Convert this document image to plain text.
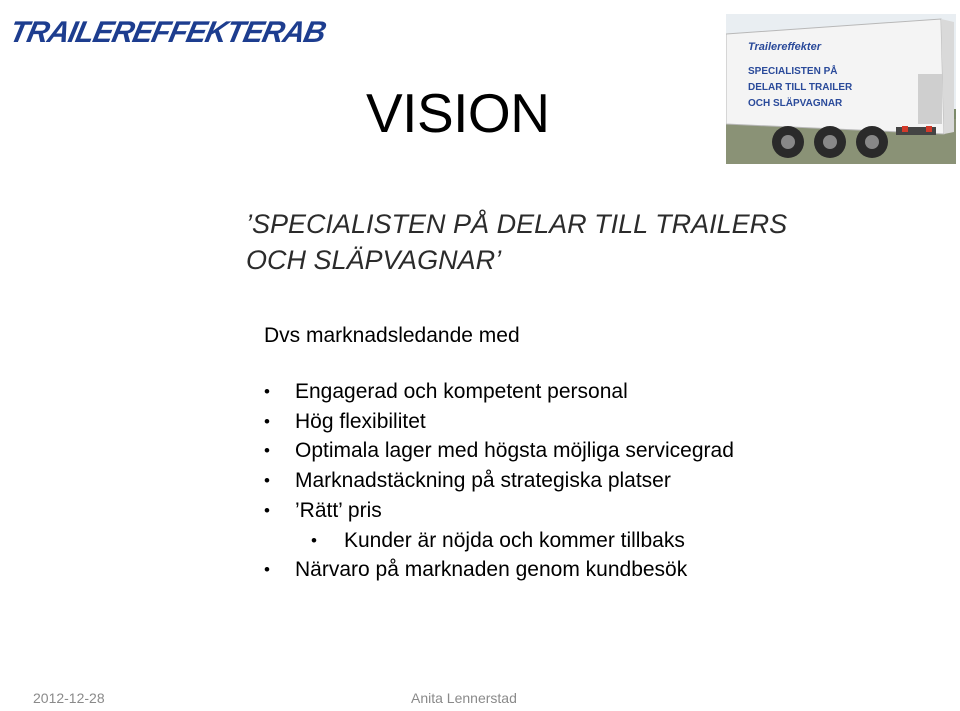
TRAILEREFFEKTERAB	Trailereffekter
SPECIALISTEN PÅ
DELAR TILL TRAILER
OCH SLÄPVAGNAR
VISION
’SPECIALISTEN PÅ DELAR TILL TRAILERS OCH SLÄPVAGNAR’
Dvs marknadsledande med
• Engagerad och kompetent personal
• Hög flexibilitet
• Optimala lager med högsta möjliga servicegrad
• Marknadstäckning på strategiska platser
• ’Rätt’ pris
• Kunder är nöjda och kommer tillbaks
• Närvaro på marknaden genom kundbesök
2012-12-28	Anita Lennerstad
